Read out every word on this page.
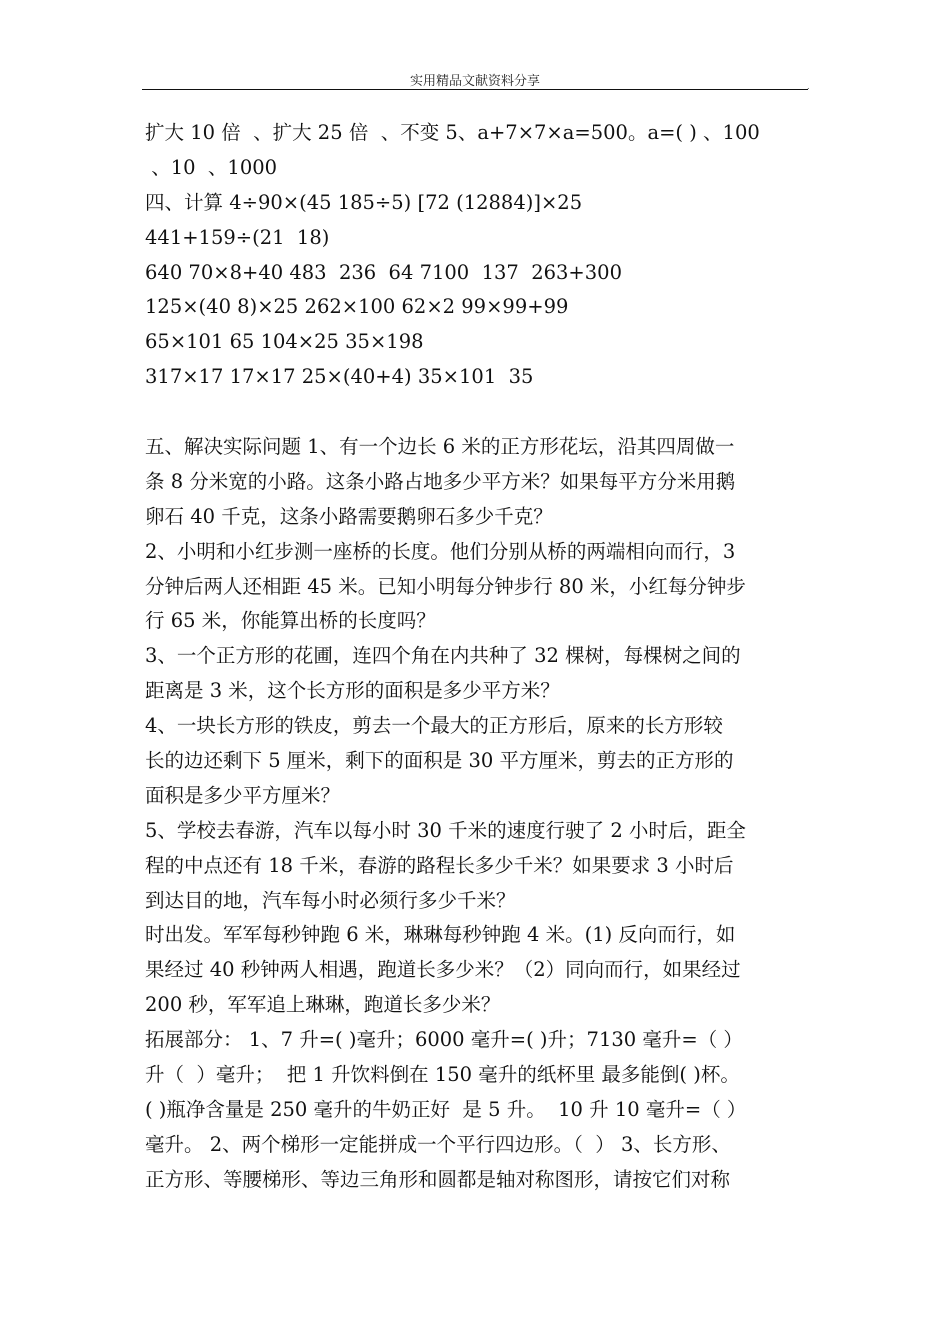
实用精品文献资料分享	.
扩大 10 倍  、扩大 25 倍  、不变 5、a+7×7×a=500。a=( ) 、100
、10  、1000
四、计算 4÷90×(45 185÷5) [72 (12884)]×25
441+159÷(21  18)
640 70×8+40 483  236  64 7100  137  263+300
125×(40 8)×25 262×100 62×2 99×99+99
65×101 65 104×25 35×198
317×17 17×17 25×(40+4) 35×101  35
五、解决实际问题 1、有一个边长 6 米的正方形花坛，沿其四周做一
条 8 分米宽的小路。这条小路占地多少平方米？如果每平方分米用鹅
卵石 40 千克，这条小路需要鹅卵石多少千克？
2、小明和小红步测一座桥的长度。他们分别从桥的两端相向而行，3
分钟后两人还相距 45 米。已知小明每分钟步行 80 米，小红每分钟步
行 65 米，你能算出桥的长度吗？
3、一个正方形的花圃，连四个角在内共种了 32 棵树，每棵树之间的
距离是 3 米，这个长方形的面积是多少平方米？
4、一块长方形的铁皮，剪去一个最大的正方形后，原来的长方形较
长的边还剩下 5 厘米，剩下的面积是 30 平方厘米，剪去的正方形的
面积是多少平方厘米？
5、学校去春游，汽车以每小时 30 千米的速度行驶了 2 小时后，距全
程的中点还有 18 千米，春游的路程长多少千米？如果要求 3 小时后
到达目的地，汽车每小时必须行多少千米？
时出发。军军每秒钟跑 6 米，琳琳每秒钟跑 4 米。(1) 反向而行，如
果经过 40 秒钟两人相遇，跑道长多少米？（2）同向而行，如果经过
200 秒，军军追上琳琳，跑道长多少米？
拓展部分： 1、7 升=( )毫升；6000 毫升=( )升；7130 毫升=（ ）
升（  ）毫升；  把 1 升饮料倒在 150 毫升的纸杯里 最多能倒( )杯。
( )瓶净含量是 250 毫升的牛奶正好  是 5 升。  10 升 10 毫升=（ ）
毫升。 2、两个梯形一定能拼成一个平行四边形。（  ） 3、长方形、
正方形、等腰梯形、等边三角形和圆都是轴对称图形，请按它们对称
